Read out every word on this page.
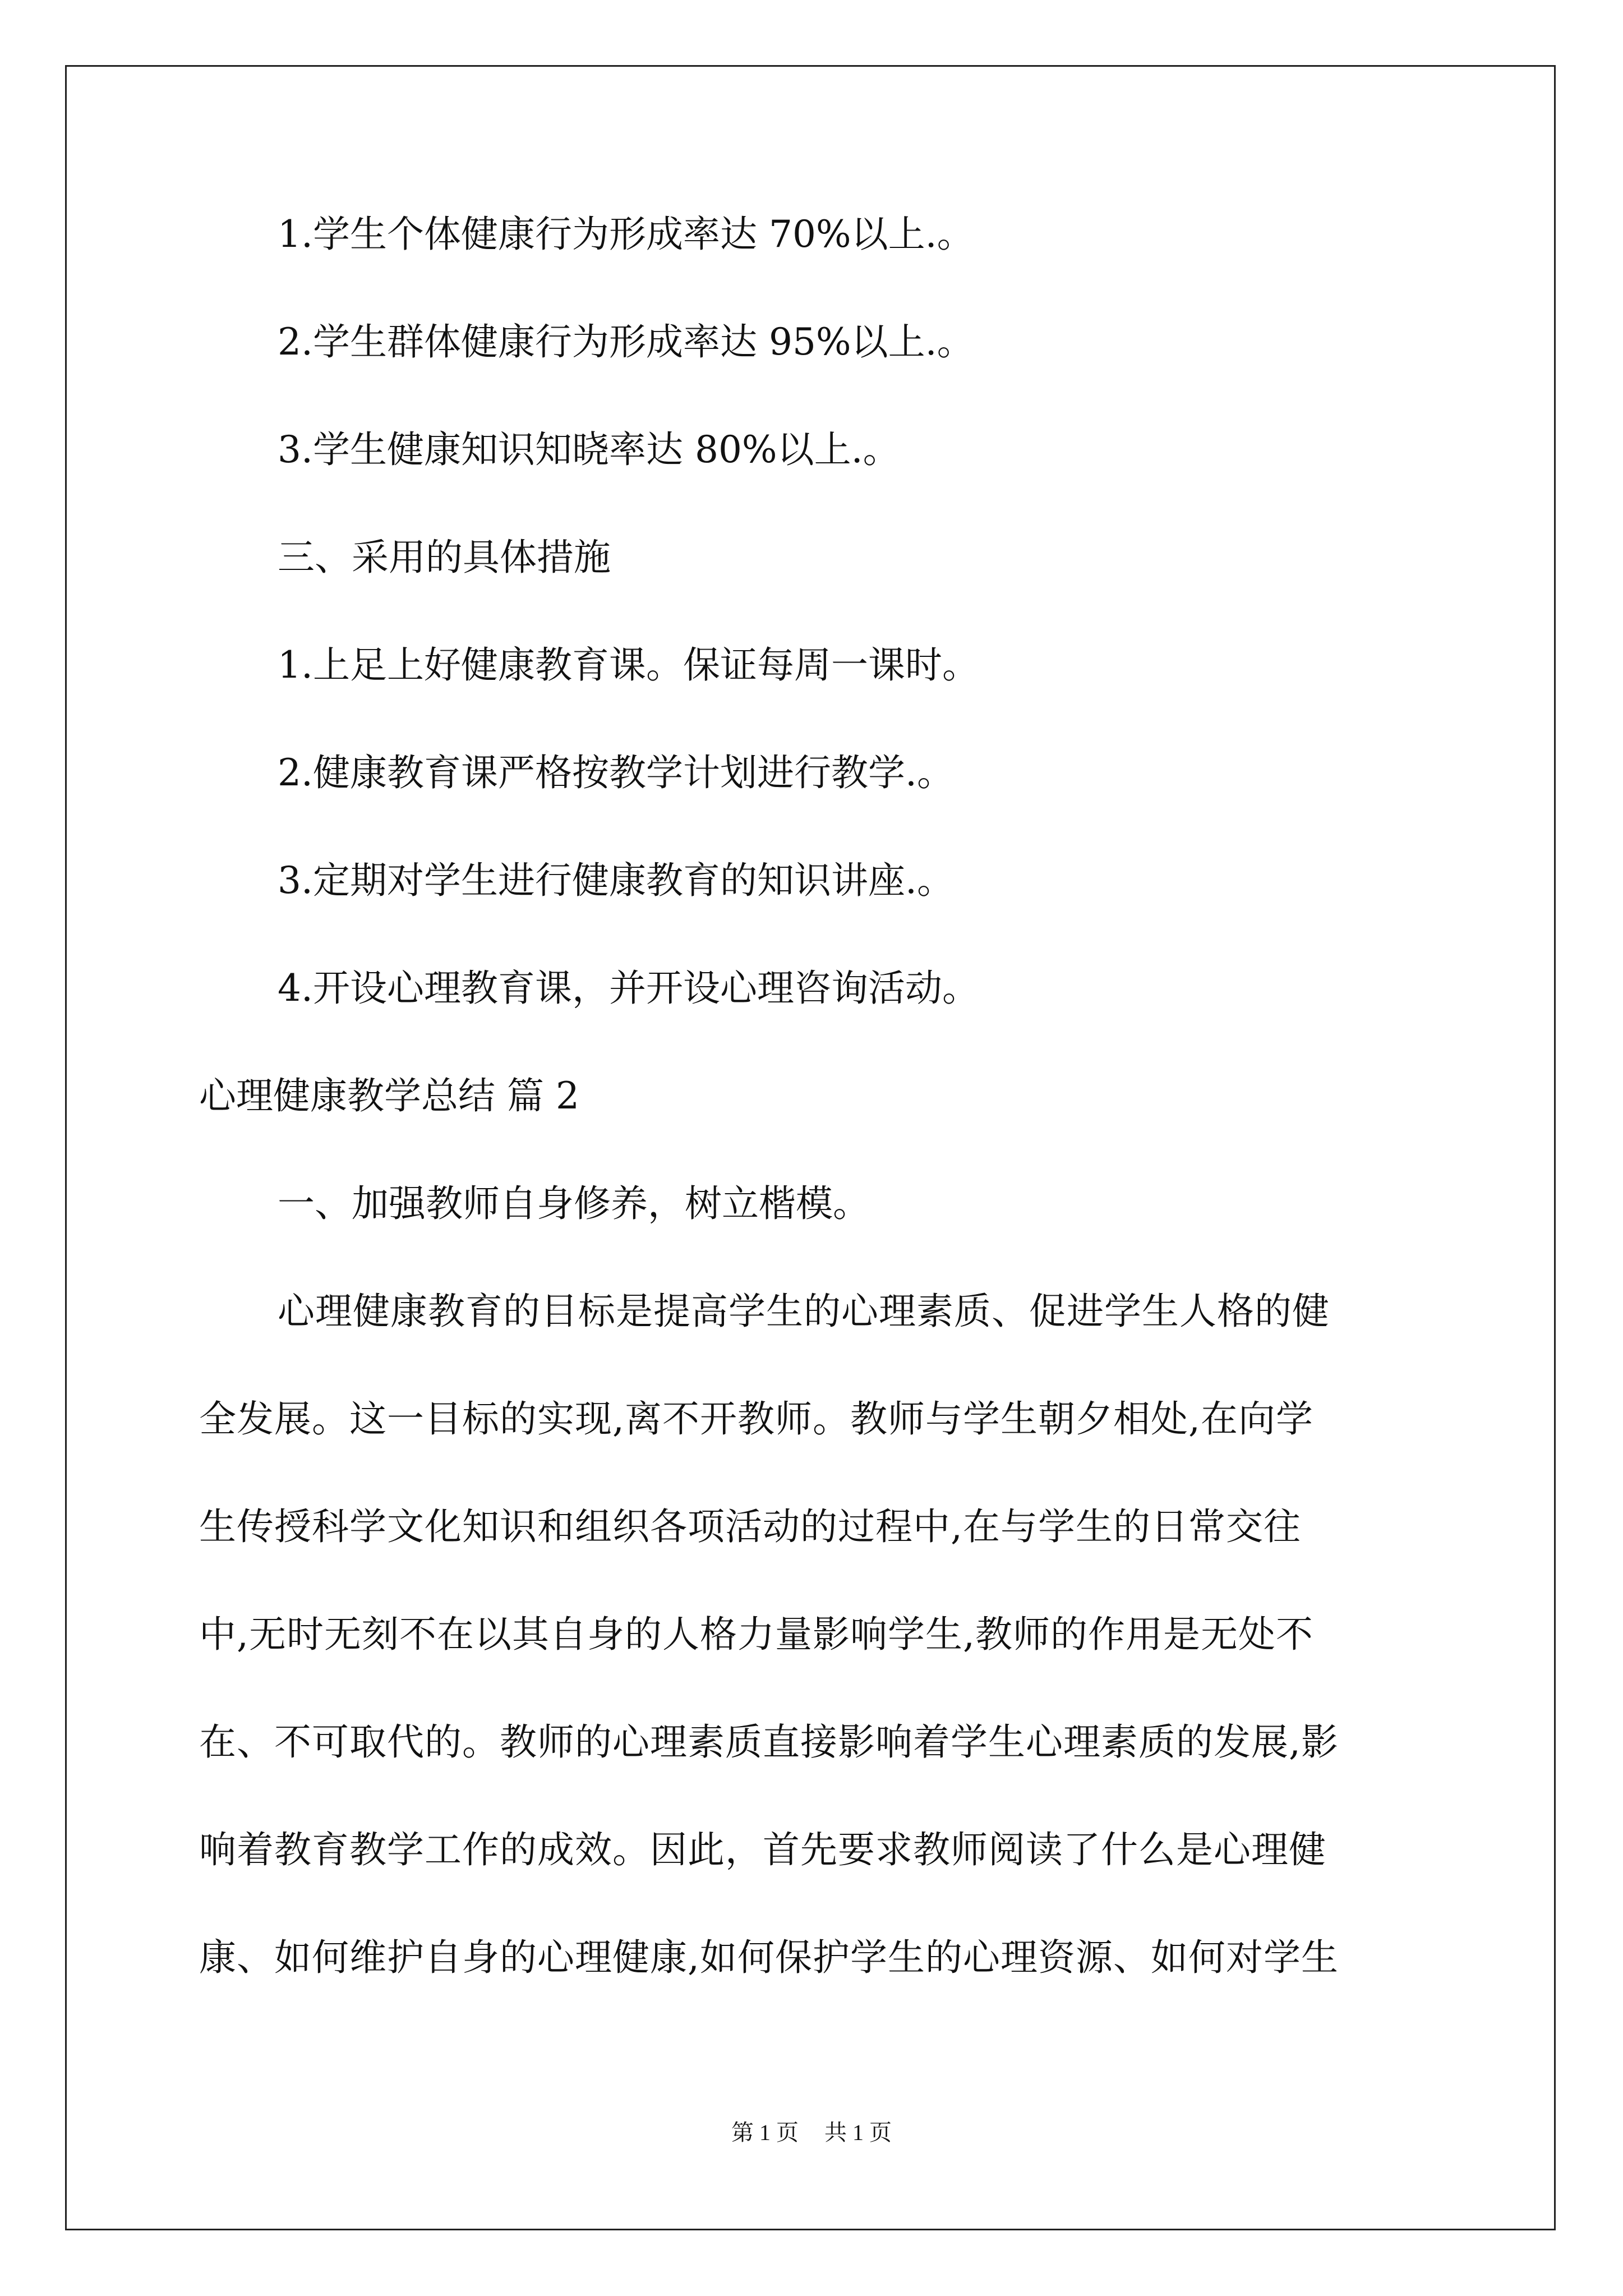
1.学生个体健康行为形成率达 70%以上.。

2.学生群体健康行为形成率达 95%以上.。

3.学生健康知识知晓率达 80%以上.。

三、采用的具体措施

1.上足上好健康教育课。保证每周一课时。

2.健康教育课严格按教学计划进行教学.。

3.定期对学生进行健康教育的知识讲座.。

4.开设心理教育课，并开设心理咨询活动。

心理健康教学总结 篇 2

一、加强教师自身修养，树立楷模。

心理健康教育的目标是提高学生的心理素质、促进学生人格的健
全发展。这一目标的实现,离不开教师。教师与学生朝夕相处,在向学
生传授科学文化知识和组织各项活动的过程中,在与学生的日常交往
中,无时无刻不在以其自身的人格力量影响学生,教师的作用是无处不
在、不可取代的。教师的心理素质直接影响着学生心理素质的发展,影
响着教育教学工作的成效。因此，首先要求教师阅读了什么是心理健
康、如何维护自身的心理健康,如何保护学生的心理资源、如何对学生
第 1 页 共 1 页
